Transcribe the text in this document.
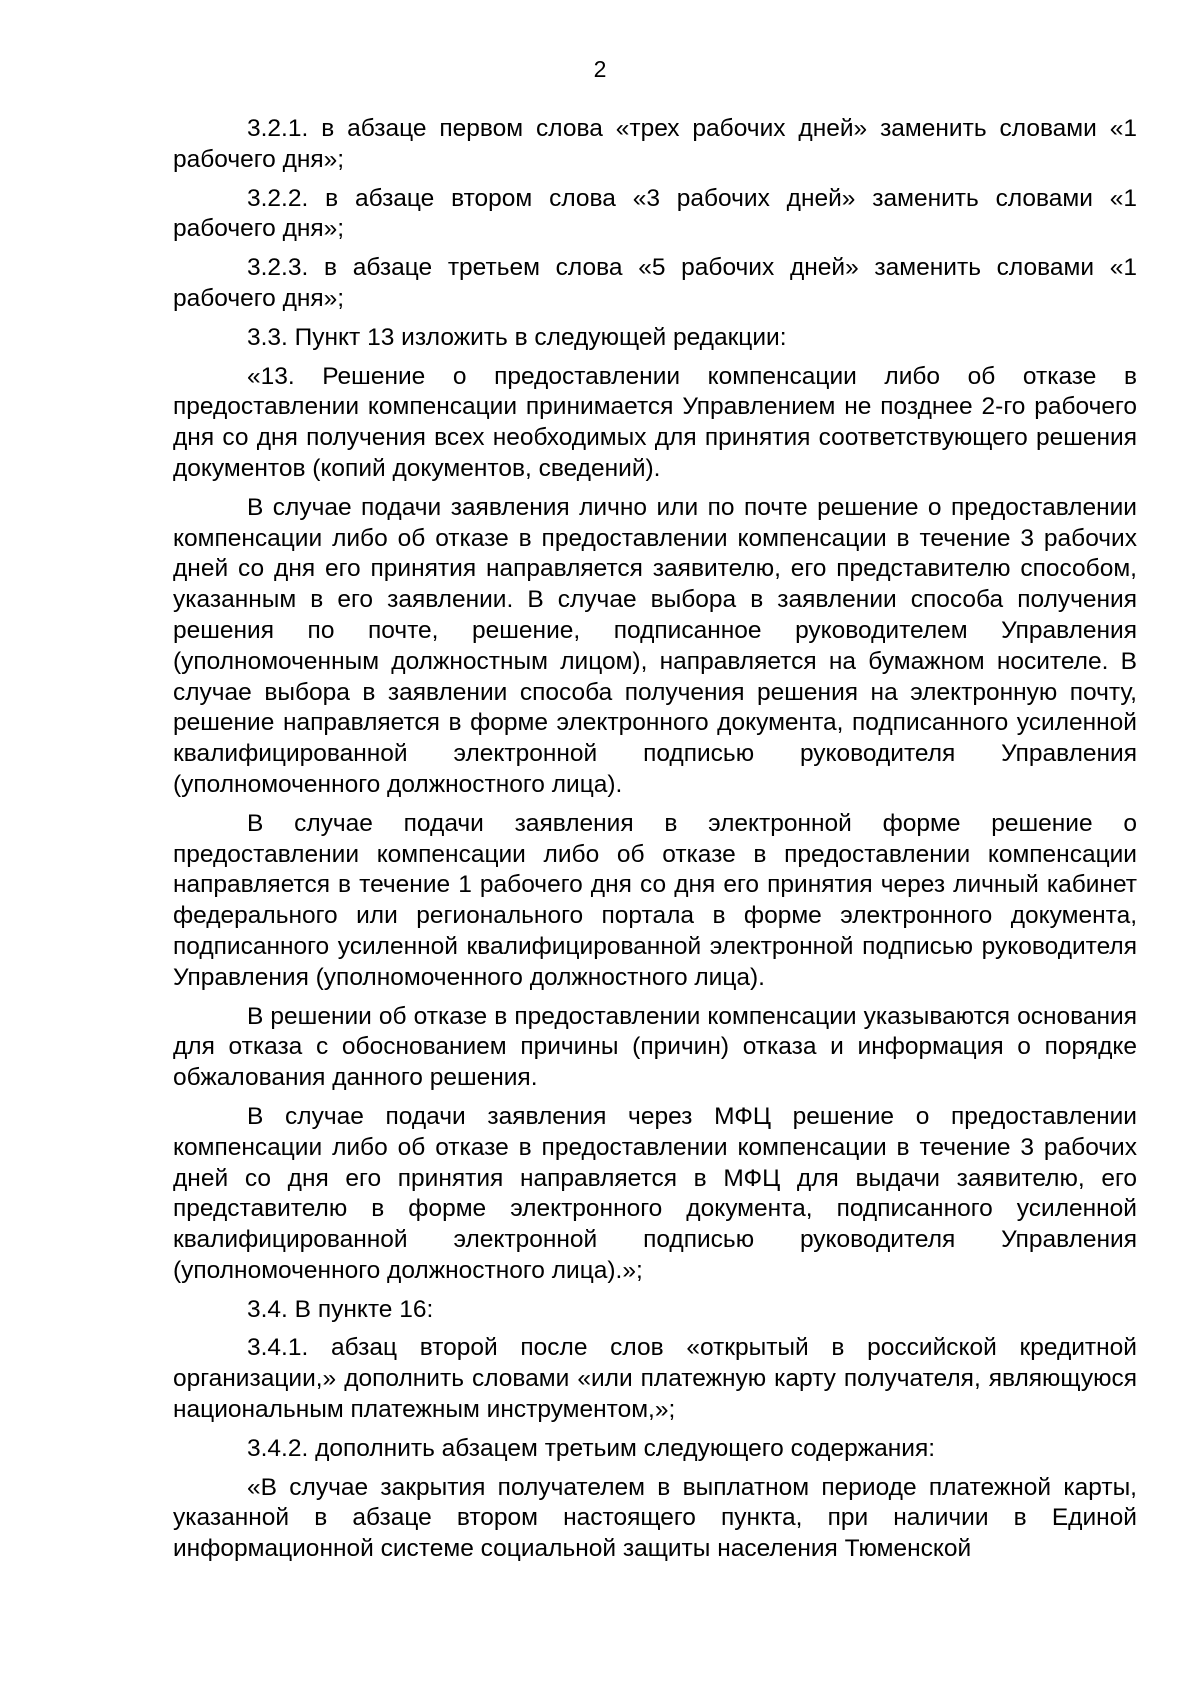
2

3.2.1. в абзаце первом слова «трех рабочих дней» заменить словами «1 рабочего дня»;

3.2.2. в абзаце втором слова «3 рабочих дней» заменить словами «1 рабочего дня»;

3.2.3. в абзаце третьем слова «5 рабочих дней» заменить словами «1 рабочего дня»;

3.3. Пункт 13 изложить в следующей редакции:

«13. Решение о предоставлении компенсации либо об отказе в предоставлении компенсации принимается Управлением не позднее 2-го рабочего дня со дня получения всех необходимых для принятия соответствующего решения документов (копий документов, сведений).

В случае подачи заявления лично или по почте решение о предоставлении компенсации либо об отказе в предоставлении компенсации в течение 3 рабочих дней со дня его принятия направляется заявителю, его представителю способом, указанным в его заявлении. В случае выбора в заявлении способа получения решения по почте, решение, подписанное руководителем Управления (уполномоченным должностным лицом), направляется на бумажном носителе. В случае выбора в заявлении способа получения решения на электронную почту, решение направляется в форме электронного документа, подписанного усиленной квалифицированной электронной подписью руководителя Управления (уполномоченного должностного лица).

В случае подачи заявления в электронной форме решение о предоставлении компенсации либо об отказе в предоставлении компенсации направляется в течение 1 рабочего дня со дня его принятия через личный кабинет федерального или регионального портала в форме электронного документа, подписанного усиленной квалифицированной электронной подписью руководителя Управления (уполномоченного должностного лица).

В решении об отказе в предоставлении компенсации указываются основания для отказа с обоснованием причины (причин) отказа и информация о порядке обжалования данного решения.

В случае подачи заявления через МФЦ решение о предоставлении компенсации либо об отказе в предоставлении компенсации в течение 3 рабочих дней со дня его принятия направляется в МФЦ для выдачи заявителю, его представителю в форме электронного документа, подписанного усиленной квалифицированной электронной подписью руководителя Управления (уполномоченного должностного лица).»;

3.4. В пункте 16:

3.4.1. абзац второй после слов «открытый в российской кредитной организации,» дополнить словами «или платежную карту получателя, являющуюся национальным платежным инструментом,»;

3.4.2. дополнить абзацем третьим следующего содержания:

«В случае закрытия получателем в выплатном периоде платежной карты, указанной в абзаце втором настоящего пункта, при наличии в Единой информационной системе социальной защиты населения Тюменской
